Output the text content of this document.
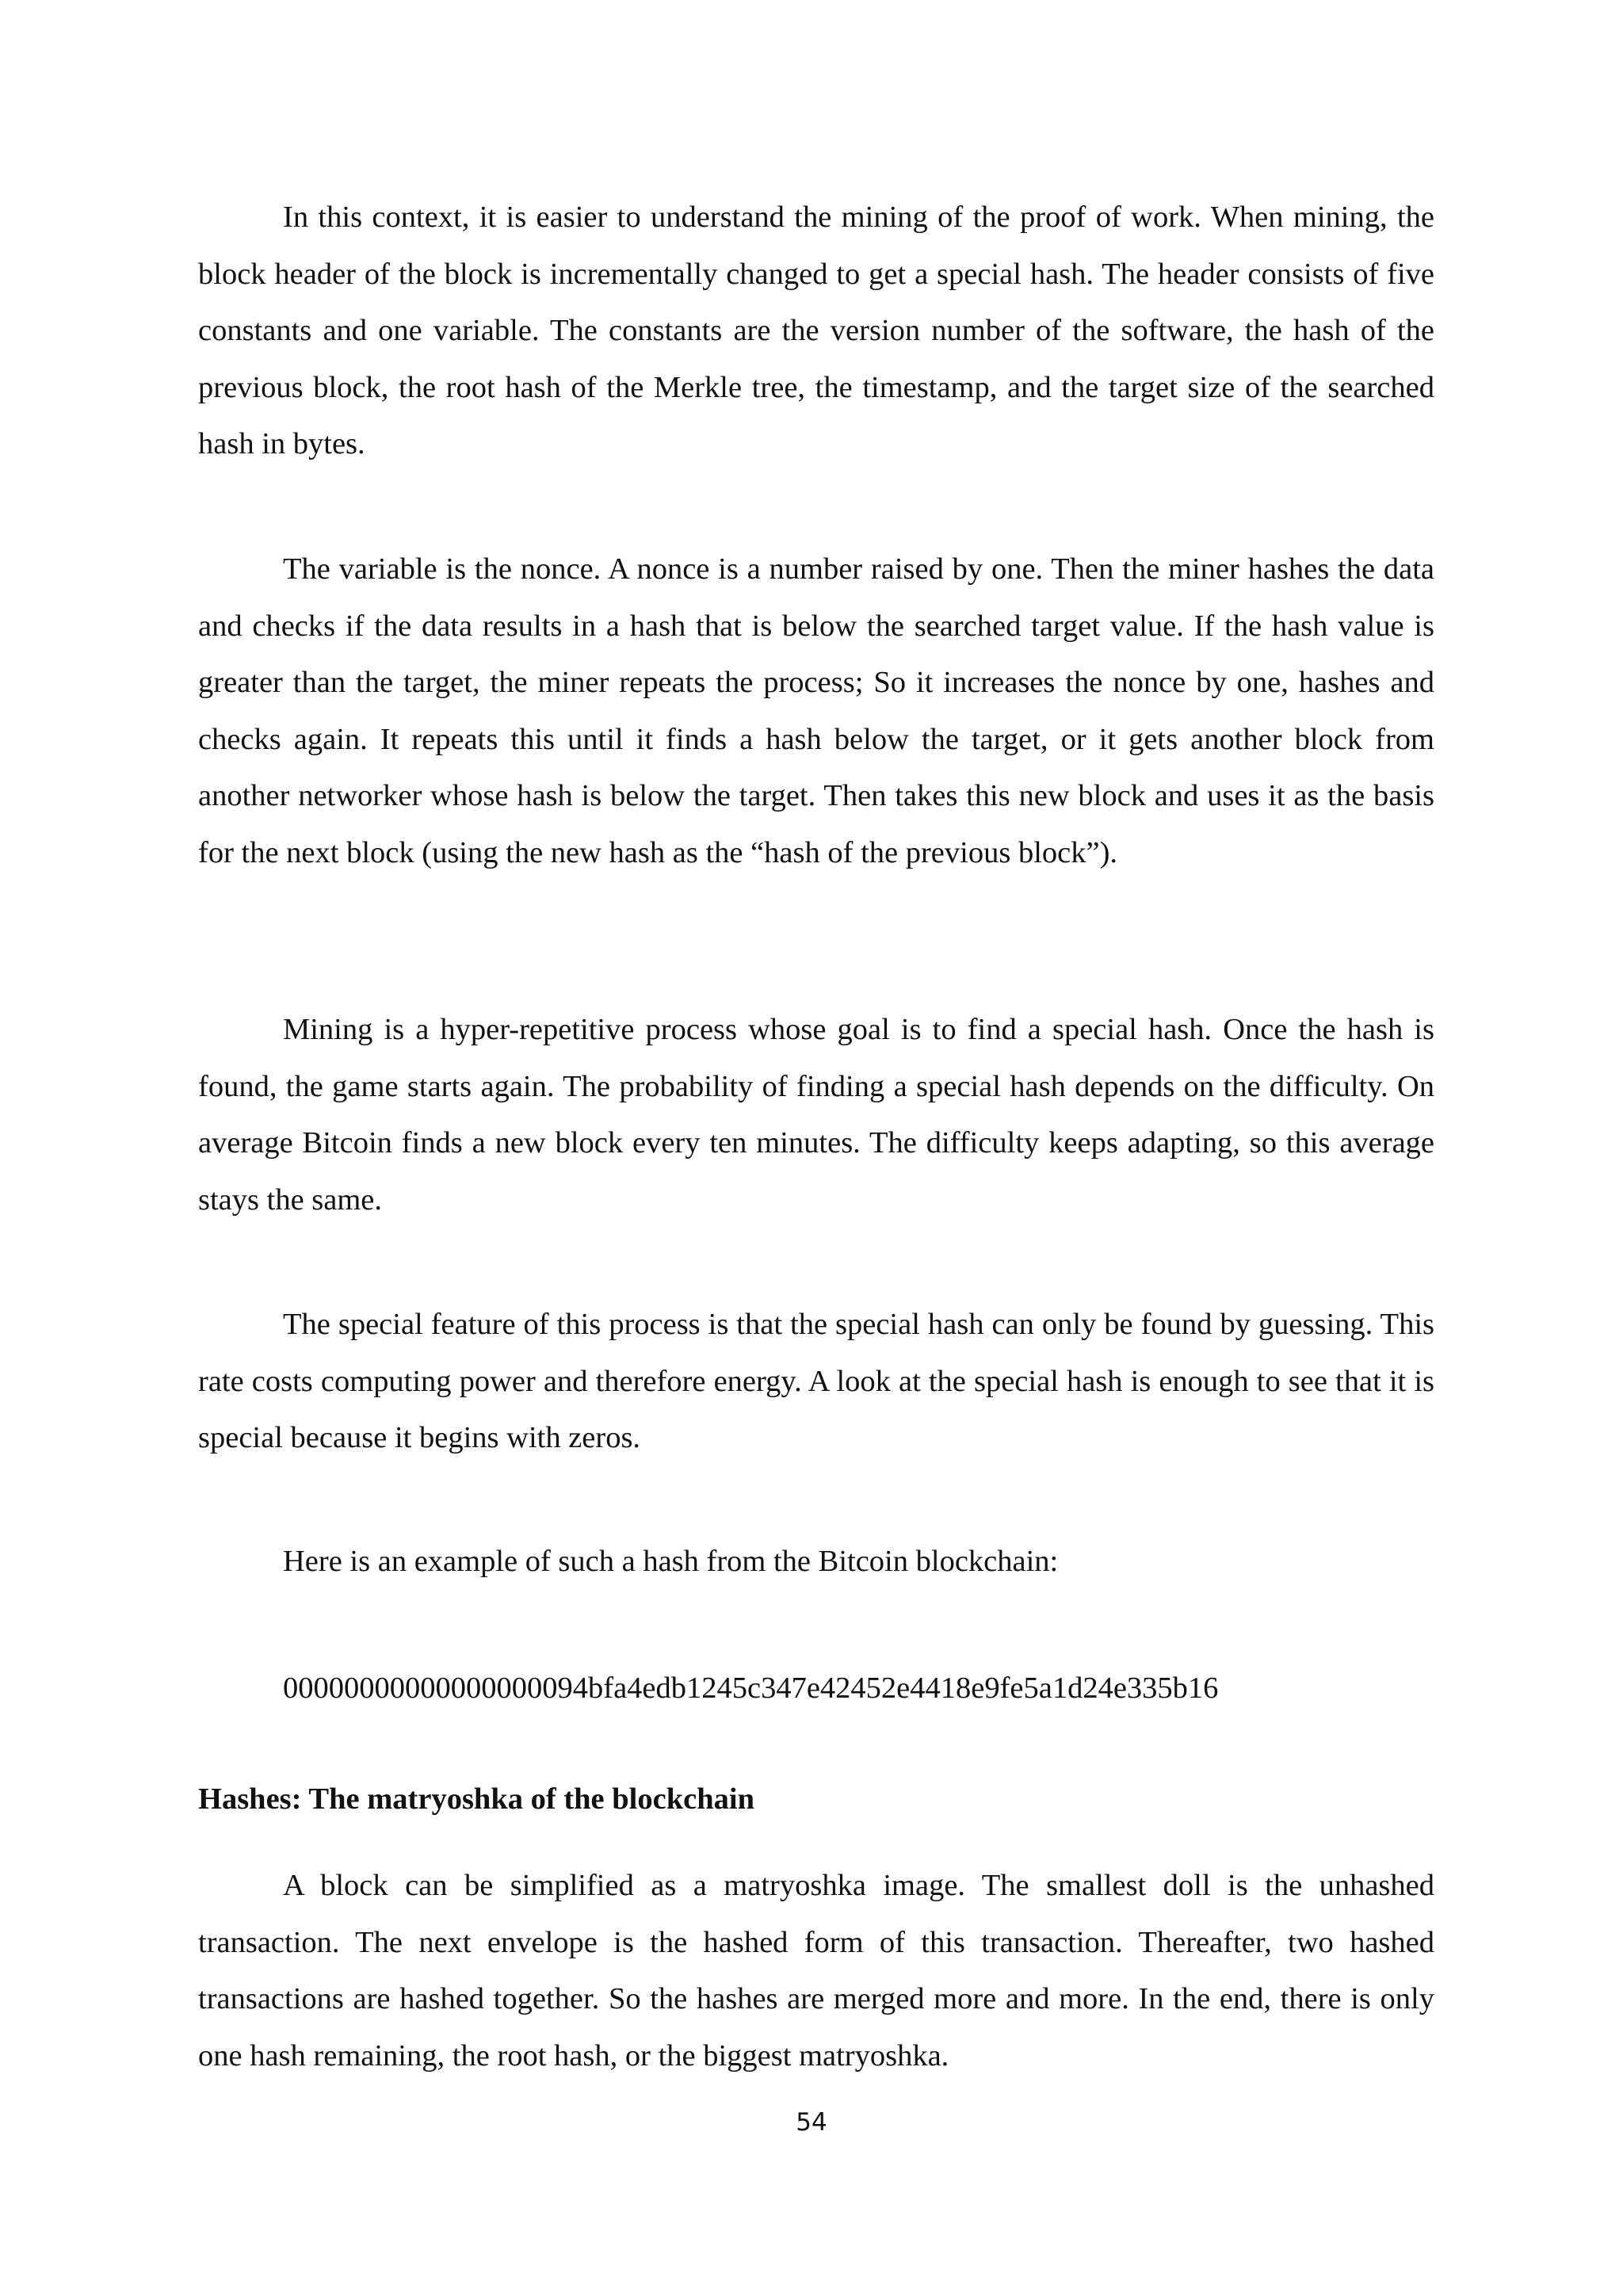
In this context, it is easier to understand the mining of the proof of work. When mining, the block header of the block is incrementally changed to get a special hash. The header consists of five constants and one variable. The constants are the version number of the software, the hash of the previous block, the root hash of the Merkle tree, the timestamp, and the target size of the searched hash in bytes.

The variable is the nonce. A nonce is a number raised by one. Then the miner hashes the data and checks if the data results in a hash that is below the searched target value. If the hash value is greater than the target, the miner repeats the process; So it increases the nonce by one, hashes and checks again. It repeats this until it finds a hash below the target, or it gets another block from another networker whose hash is below the target. Then takes this new block and uses it as the basis for the next block (using the new hash as the “hash of the previous block”).

Mining is a hyper-repetitive process whose goal is to find a special hash. Once the hash is found, the game starts again. The probability of finding a special hash depends on the difficulty. On average Bitcoin finds a new block every ten minutes. The difficulty keeps adapting, so this average stays the same.

The special feature of this process is that the special hash can only be found by guessing. This rate costs computing power and therefore energy. A look at the special hash is enough to see that it is special because it begins with zeros.

Here is an example of such a hash from the Bitcoin blockchain:

00000000000000000094bfa4edb1245c347e42452e4418e9fe5a1d24e335b16

Hashes: The matryoshka of the blockchain

A block can be simplified as a matryoshka image. The smallest doll is the unhashed transaction. The next envelope is the hashed form of this transaction. Thereafter, two hashed transactions are hashed together. So the hashes are merged more and more. In the end, there is only one hash remaining, the root hash, or the biggest matryoshka.

54
